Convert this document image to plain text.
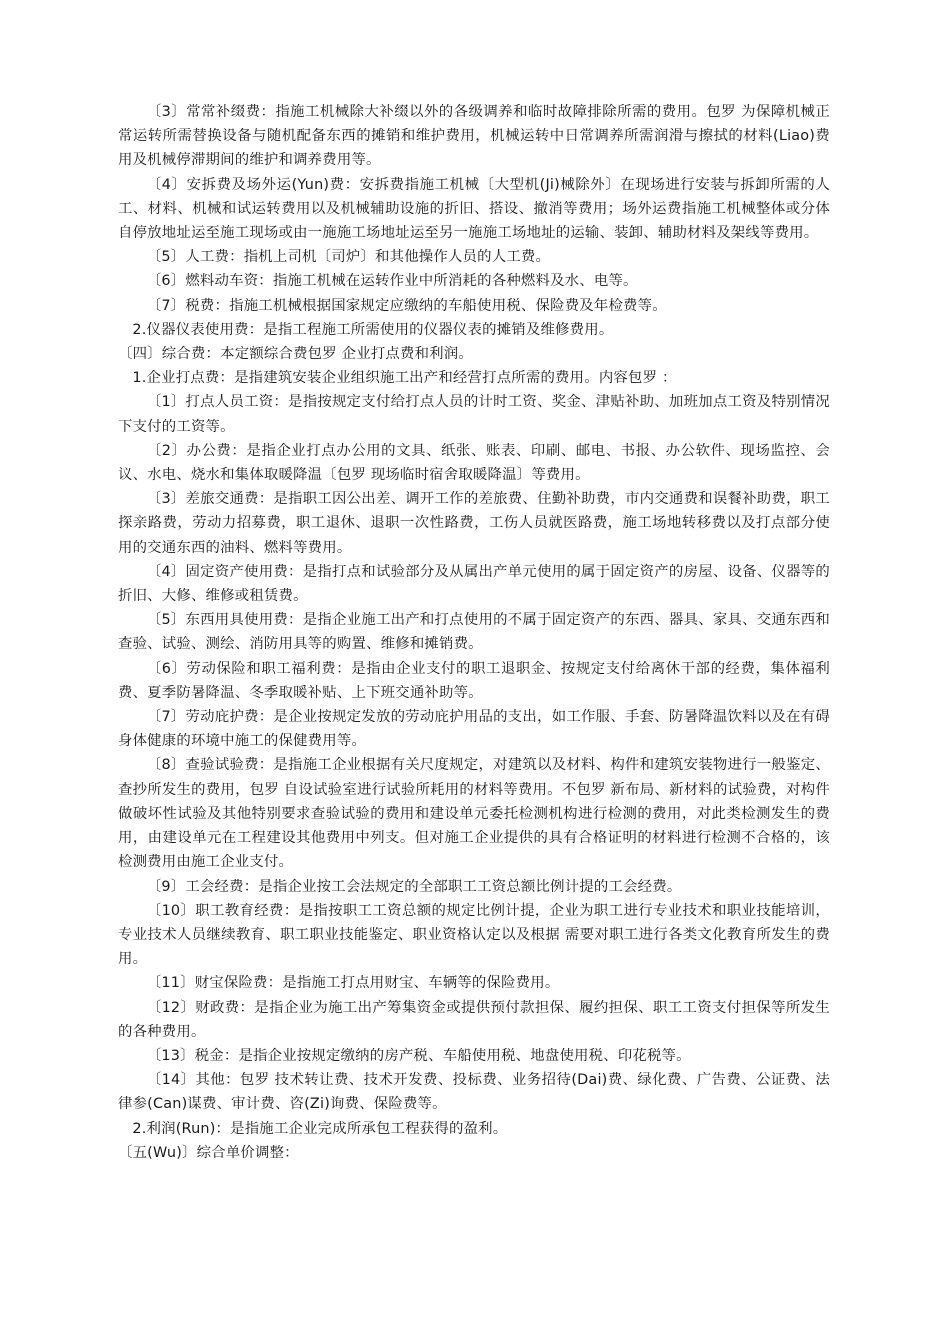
〔3〕常常补缀费：指施工机械除大补缀以外的各级调养和临时故障排除所需的费用。包罗 为保障机械正常运转所需替换设备与随机配备东西的摊销和维护费用，机械运转中日常调养所需润滑与擦拭的材料(Liao)费用及机械停滞期间的维护和调养费用等。

〔4〕安拆费及场外运(Yun)费：安拆费指施工机械〔大型机(Ji)械除外〕在现场进行安装与拆卸所需的人工、材料、机械和试运转费用以及机械辅助设施的折旧、搭设、撤消等费用；场外运费指施工机械整体或分体自停放地址运至施工现场或由一施施工场地址运至另一施施工场地址的运输、装卸、辅助材料及架线等费用。

〔5〕人工费：指机上司机〔司炉〕和其他操作人员的人工费。

〔6〕燃料动车资：指施工机械在运转作业中所消耗的各种燃料及水、电等。

〔7〕税费：指施工机械根据国家规定应缴纳的车船使用税、保险费及年检费等。

2.仪器仪表使用费：是指工程施工所需使用的仪器仪表的摊销及维修费用。

〔四〕综合费：本定额综合费包罗 企业打点费和利润。

1.企业打点费：是指建筑安装企业组织施工出产和经营打点所需的费用。内容包罗 ：

〔1〕打点人员工资：是指按规定支付给打点人员的计时工资、奖金、津贴补助、加班加点工资及特别情况下支付的工资等。

〔2〕办公费：是指企业打点办公用的文具、纸张、账表、印刷、邮电、书报、办公软件、现场监控、会议、水电、烧水和集体取暖降温〔包罗 现场临时宿舍取暖降温〕等费用。

〔3〕差旅交通费：是指职工因公出差、调开工作的差旅费、住勤补助费，市内交通费和误餐补助费，职工探亲路费，劳动力招募费，职工退休、退职一次性路费，工伤人员就医路费，施工场地转移费以及打点部分使用的交通东西的油料、燃料等费用。

〔4〕固定资产使用费：是指打点和试验部分及从属出产单元使用的属于固定资产的房屋、设备、仪器等的折旧、大修、维修或租赁费。

〔5〕东西用具使用费：是指企业施工出产和打点使用的不属于固定资产的东西、器具、家具、交通东西和查验、试验、测绘、消防用具等的购置、维修和摊销费。

〔6〕劳动保险和职工福利费：是指由企业支付的职工退职金、按规定支付给离休干部的经费，集体福利费、夏季防暑降温、冬季取暖补贴、上下班交通补助等。

〔7〕劳动庇护费：是企业按规定发放的劳动庇护用品的支出，如工作服、手套、防暑降温饮料以及在有碍身体健康的环境中施工的保健费用等。

〔8〕查验试验费：是指施工企业根据有关尺度规定，对建筑以及材料、构件和建筑安装物进行一般鉴定、查抄所发生的费用，包罗 自设试验室进行试验所耗用的材料等费用。不包罗 新布局、新材料的试验费，对构件做破坏性试验及其他特别要求查验试验的费用和建设单元委托检测机构进行检测的费用，对此类检测发生的费用，由建设单元在工程建设其他费用中列支。但对施工企业提供的具有合格证明的材料进行检测不合格的，该检测费用由施工企业支付。

〔9〕工会经费：是指企业按工会法规定的全部职工工资总额比例计提的工会经费。

〔10〕职工教育经费：是指按职工工资总额的规定比例计提，企业为职工进行专业技术和职业技能培训，专业技术人员继续教育、职工职业技能鉴定、职业资格认定以及根据 需要对职工进行各类文化教育所发生的费用。

〔11〕财宝保险费：是指施工打点用财宝、车辆等的保险费用。

〔12〕财政费：是指企业为施工出产筹集资金或提供预付款担保、履约担保、职工工资支付担保等所发生的各种费用。

〔13〕税金：是指企业按规定缴纳的房产税、车船使用税、地盘使用税、印花税等。

〔14〕其他：包罗 技术转让费、技术开发费、投标费、业务招待(Dai)费、绿化费、广告费、公证费、法律参(Can)谋费、审计费、咨(Zi)询费、保险费等。

2.利润(Run)：是指施工企业完成所承包工程获得的盈利。

〔五(Wu)〕综合单价调整：
